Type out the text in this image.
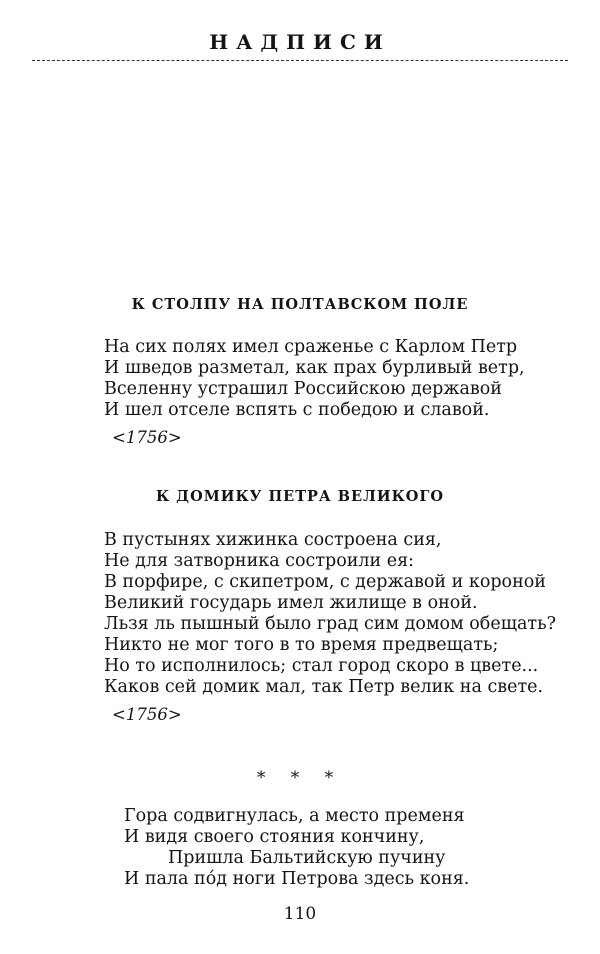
НАДПИСИ
К СТОЛПУ НА ПОЛТАВСКОМ ПОЛЕ
На сих полях имел сраженье с Карлом Петр
И шведов разметал, как прах бурливый ветр,
Вселенну устрашил Российскою державой
И шел отселе вспять с победою и славой.
<1756>
К ДОМИКУ ПЕТРА ВЕЛИКОГО
В пустынях хижинка состроена сия,
Не для затворника состроили ея:
В порфире, с скипетром, с державой и короной
Великий государь имел жилище в оной.
Льзя ль пышный было град сим домом обещать?
Никто не мог того в то время предвещать;
Но то исполнилось; стал город скоро в цвете...
Каков сей домик мал, так Петр велик на свете.
<1756>
* * *
Гора содвигнулась, а место пременя
И видя своего стояния кончину,
Пришла Бальтийскую пучину
И пала по́д ноги Петрова здесь коня.
110
